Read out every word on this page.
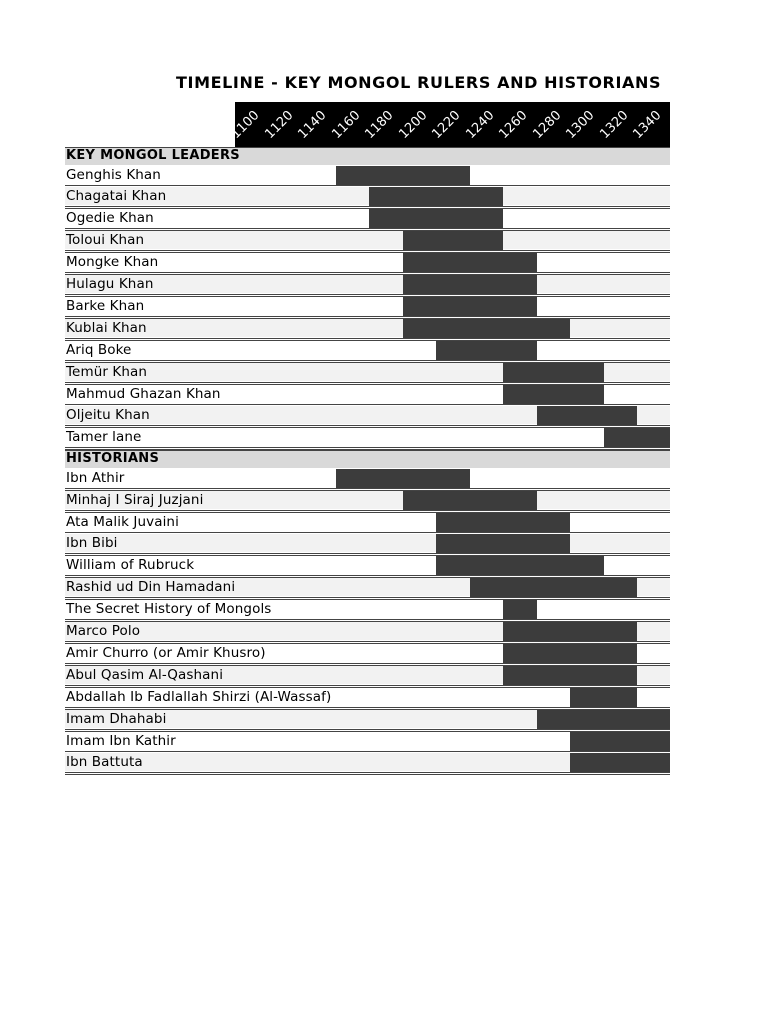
TIMELINE - KEY MONGOL RULERS AND HISTORIANS
1100 1120 1140 1160 1180 1200 1220 1240 1260 1280 1300 1320 1340
KEY MONGOL LEADERS
Genghis Khan
Chagatai Khan
Ogedie Khan
Toloui Khan
Mongke Khan
Hulagu Khan
Barke Khan
Kublai Khan
Ariq Boke
Temür Khan
Mahmud Ghazan Khan
Oljeitu Khan
Tamer lane
HISTORIANS
Ibn Athir
Minhaj I Siraj Juzjani
Ata Malik Juvaini
Ibn Bibi
William of Rubruck
Rashid ud Din Hamadani
The Secret History of Mongols
Marco Polo
Amir Churro (or Amir Khusro)
Abul Qasim Al-Qashani
Abdallah Ib Fadlallah Shirzi (Al-Wassaf)
Imam Dhahabi
Imam Ibn Kathir
Ibn Battuta
